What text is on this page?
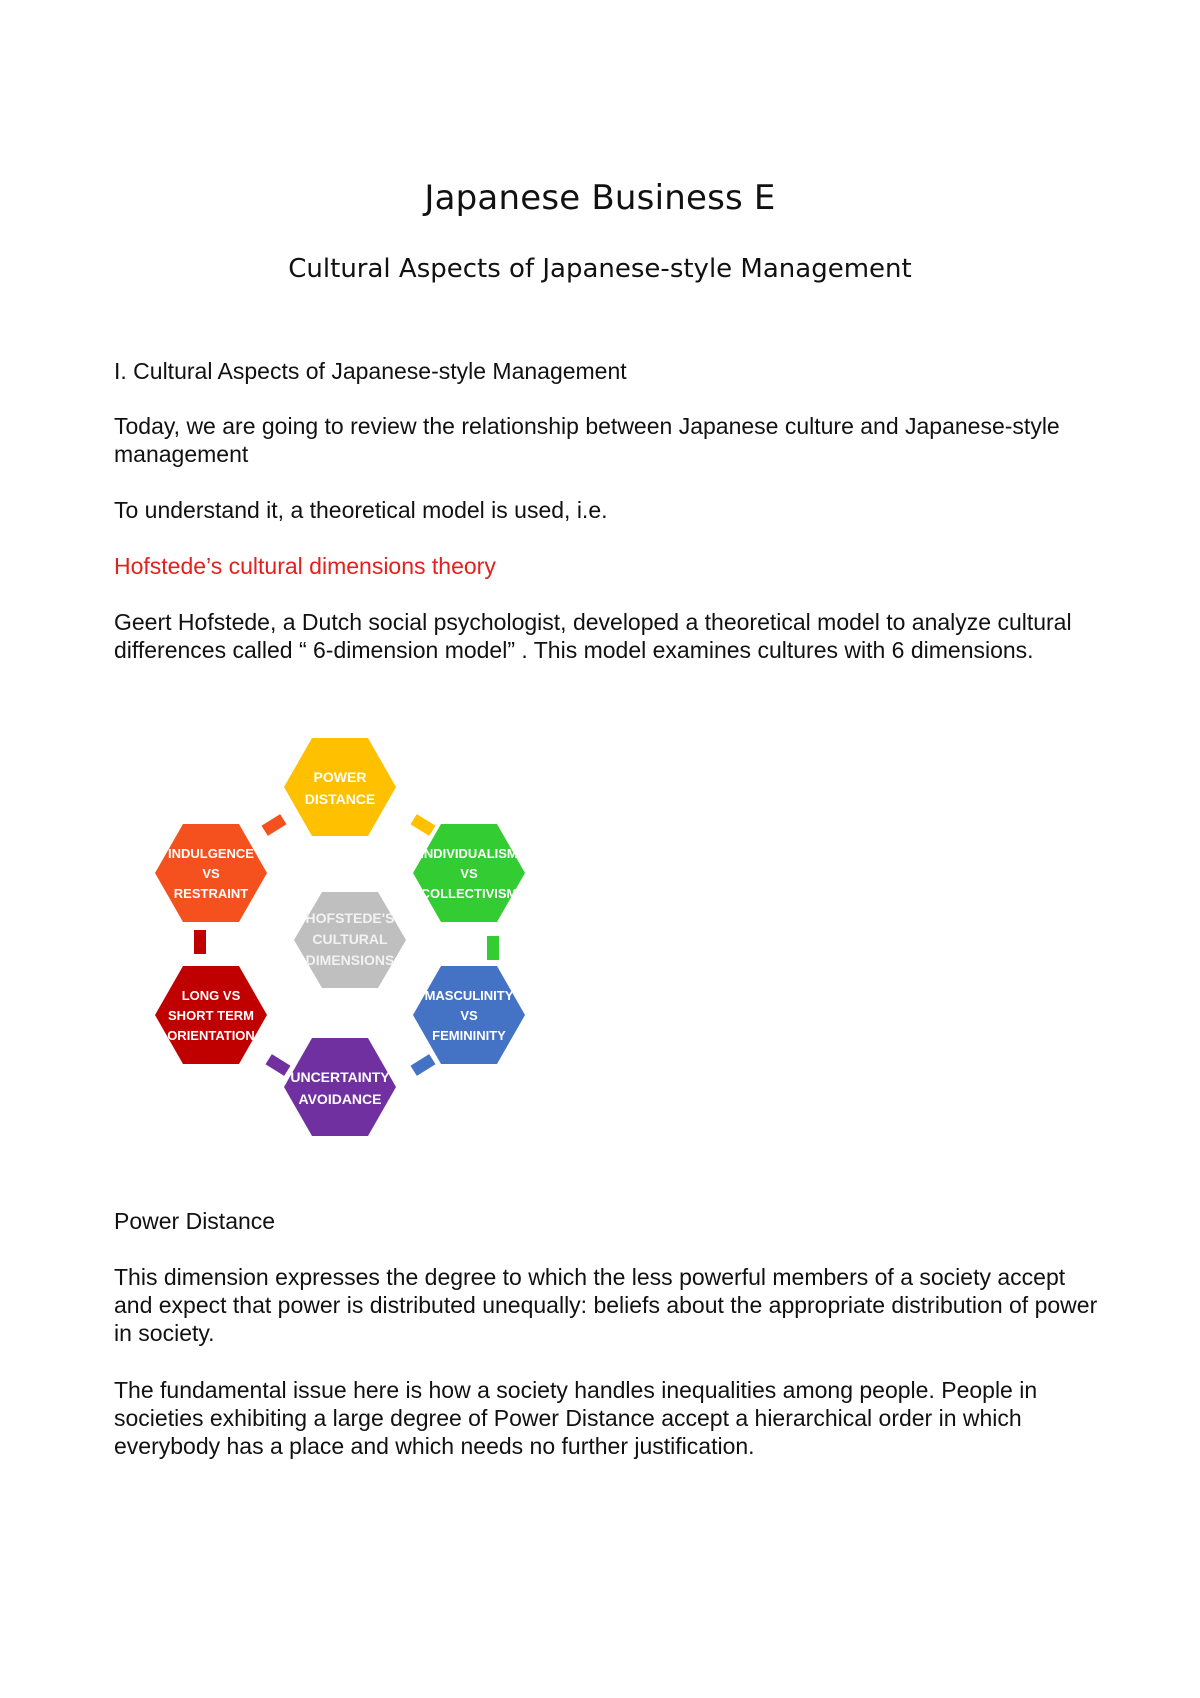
Japanese Business E
Cultural Aspects of Japanese-style Management

I. Cultural Aspects of Japanese-style Management

Today, we are going to review the relationship between Japanese culture and Japanese-style management

To understand it, a theoretical model is used, i.e.

Hofstede’s cultural dimensions theory

Geert Hofstede, a Dutch social psychologist, developed a theoretical model to analyze cultural differences called “ 6-dimension model” . This model examines cultures with 6 dimensions.

HOFSTEDE'S
CULTURAL
DIMENSIONS
POWER
DISTANCE
INDIVIDUALISM
VS
COLLECTIVISM
MASCULINITY
VS
FEMININITY
UNCERTAINTY
AVOIDANCE
LONG VS
SHORT TERM
ORIENTATION
INDULGENCE
VS
RESTRAINT

Power Distance

This dimension expresses the degree to which the less powerful members of a society accept and expect that power is distributed unequally: beliefs about the appropriate distribution of power in society.

The fundamental issue here is how a society handles inequalities among people. People in societies exhibiting a large degree of Power Distance accept a hierarchical order in which everybody has a place and which needs no further justification.
